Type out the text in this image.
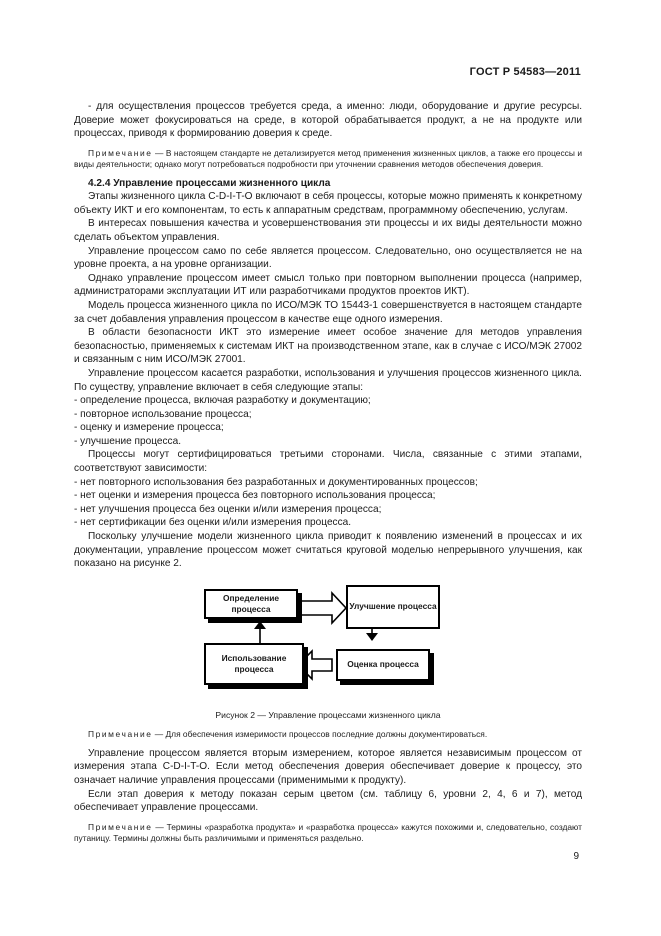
ГОСТ Р 54583—2011

- для осуществления процессов требуется среда, а именно: люди, оборудование и другие ресурсы. Доверие может фокусироваться на среде, в которой обрабатывается продукт, а не на продукте или процессах, приводя к формированию доверия к среде.

Примечание — В настоящем стандарте не детализируется метод применения жизненных циклов, а также его процессы и виды деятельности; однако могут потребоваться подробности при уточнении сравнения методов обеспечения доверия.

4.2.4 Управление процессами жизненного цикла

Этапы жизненного цикла C-D-I-T-O включают в себя процессы, которые можно применять к конкретному объекту ИКТ и его компонентам, то есть к аппаратным средствам, программному обеспечению, услугам.

В интересах повышения качества и усовершенствования эти процессы и их виды деятельности можно сделать объектом управления.

Управление процессом само по себе является процессом. Следовательно, оно осуществляется не на уровне проекта, а на уровне организации.

Однако управление процессом имеет смысл только при повторном выполнении процесса (например, администраторами эксплуатации ИТ или разработчиками продуктов проектов ИКТ).

Модель процесса жизненного цикла по ИСО/МЭК ТО 15443-1 совершенствуется в настоящем стандарте за счет добавления управления процессом в качестве еще одного измерения.

В области безопасности ИКТ это измерение имеет особое значение для методов управления безопасностью, применяемых к системам ИКТ на производственном этапе, как в случае с ИСО/МЭК 27002 и связанным с ним ИСО/МЭК 27001.

Управление процессом касается разработки, использования и улучшения процессов жизненного цикла. По существу, управление включает в себя следующие этапы:

- определение процесса, включая разработку и документацию;

- повторное использование процесса;

- оценку и измерение процесса;

- улучшение процесса.

Процессы могут сертифицироваться третьими сторонами. Числа, связанные с этими этапами, соответствуют зависимости:

- нет повторного использования без разработанных и документированных процессов;

- нет оценки и измерения процесса без повторного использования процесса;

- нет улучшения процесса без оценки и/или измерения процесса;

- нет сертификации без оценки и/или измерения процесса.

Поскольку улучшение модели жизненного цикла приводит к появлению изменений в процессах и их документации, управление процессом может считаться круговой моделью непрерывного улучшения, как показано на рисунке 2.

Определение процесса	Улучшение процесса
Использование процесса	Оценка процесса
Рисунок 2 — Управление процессами жизненного цикла

Примечание — Для обеспечения измеримости процессов последние должны документироваться.

Управление процессом является вторым измерением, которое является независимым процессом от измерения этапа C-D-I-T-O. Если метод обеспечения доверия обеспечивает доверие к процессу, это означает наличие управления процессами (применимыми к продукту).

Если этап доверия к методу показан серым цветом (см. таблицу 6, уровни 2, 4, 6 и 7), метод обеспечивает управление процессами.

Примечание — Термины «разработка продукта» и «разработка процесса» кажутся похожими и, следовательно, создают путаницу. Термины должны быть различимыми и применяться раздельно.

9
